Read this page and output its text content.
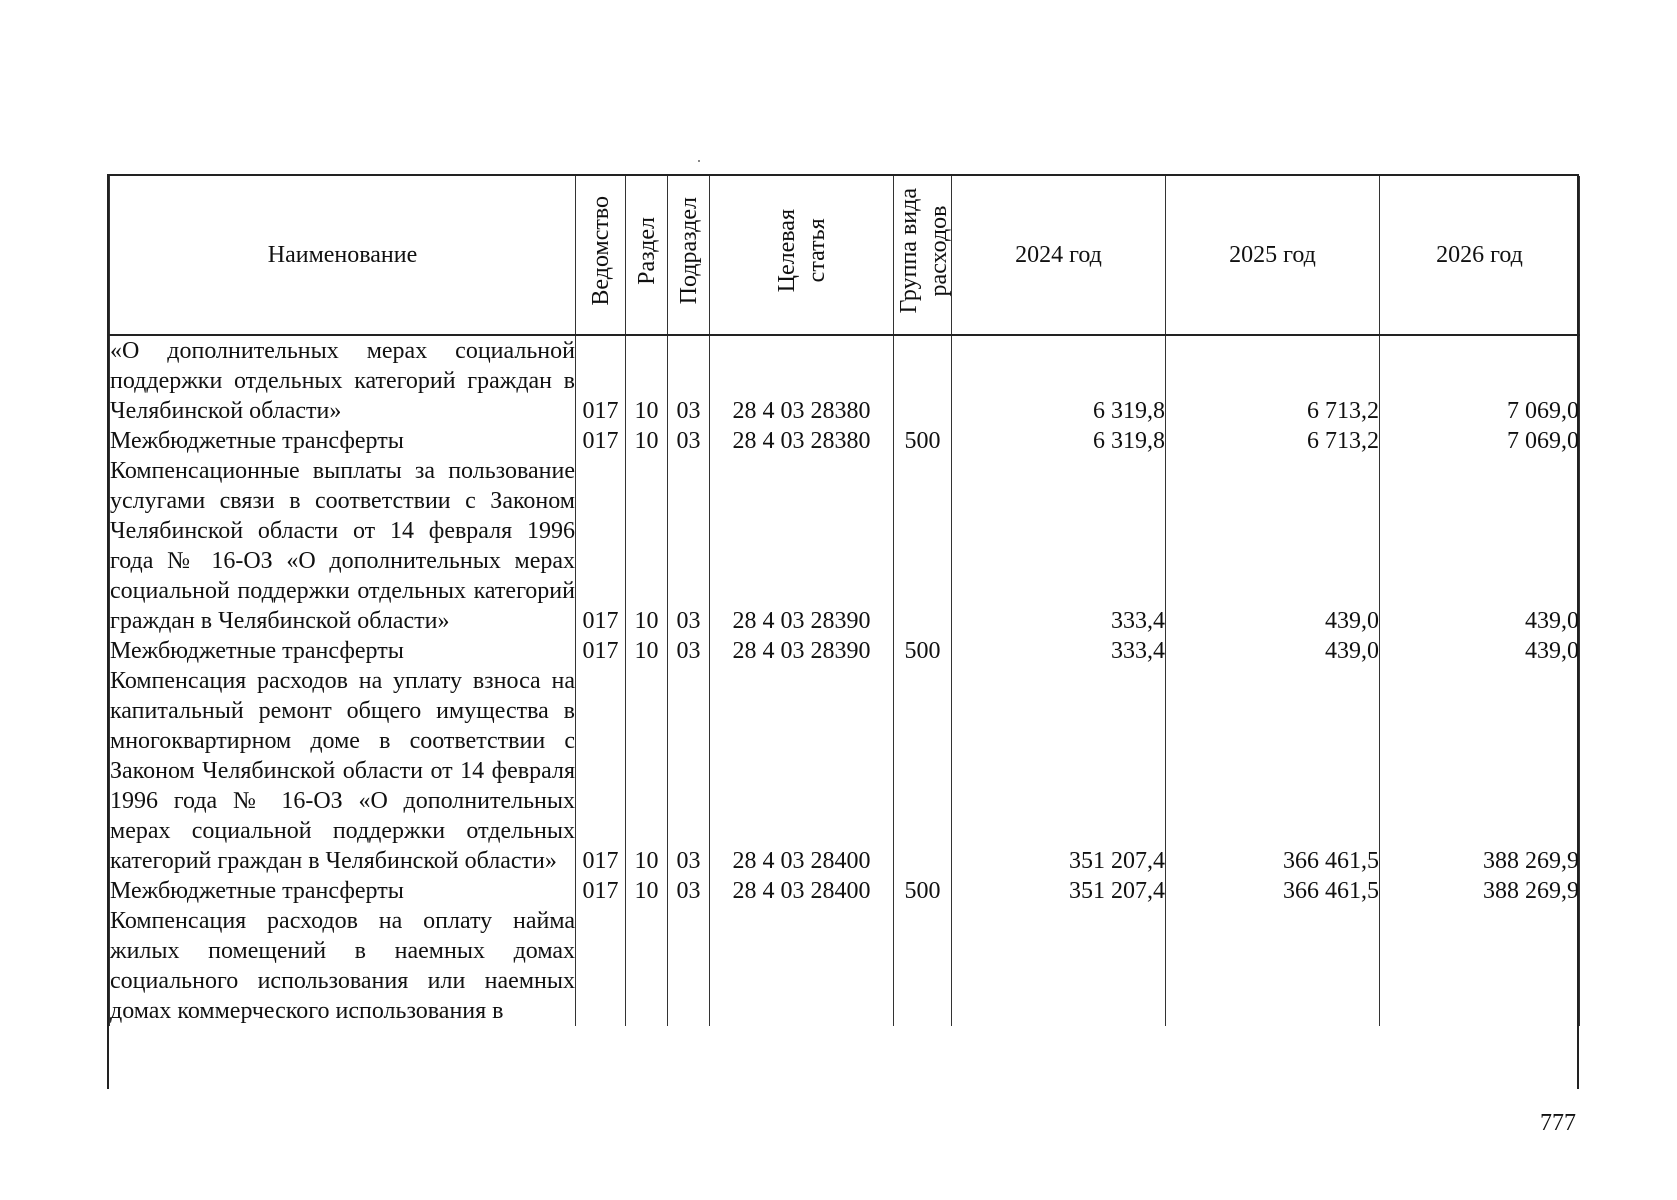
Наименование	Ведомство	Раздел	Подраздел	Целевая статья	Группа вида расходов	2024 год	2025 год	2026 год
«О дополнительных мерах социальной поддержки отдельных категорий граждан в Челябинской области»	017	10	03	28 4 03 28380		6 319,8	6 713,2	7 069,0
Межбюджетные трансферты	017	10	03	28 4 03 28380	500	6 319,8	6 713,2	7 069,0
Компенсационные выплаты за пользование услугами связи в соответствии с Законом Челябинской области от 14 февраля 1996 года № 16-ОЗ «О дополнительных мерах социальной поддержки отдельных категорий граждан в Челябинской области»	017	10	03	28 4 03 28390		333,4	439,0	439,0
Межбюджетные трансферты	017	10	03	28 4 03 28390	500	333,4	439,0	439,0
Компенсация расходов на уплату взноса на капитальный ремонт общего имущества в многоквартирном доме в соответствии с Законом Челябинской области от 14 февраля 1996 года № 16-ОЗ «О дополнительных мерах социальной поддержки отдельных категорий граждан в Челябинской области»	017	10	03	28 4 03 28400		351 207,4	366 461,5	388 269,9
Межбюджетные трансферты	017	10	03	28 4 03 28400	500	351 207,4	366 461,5	388 269,9
Компенсация расходов на оплату найма жилых помещений в наемных домах социального использования или наемных домах коммерческого использования в								
777
